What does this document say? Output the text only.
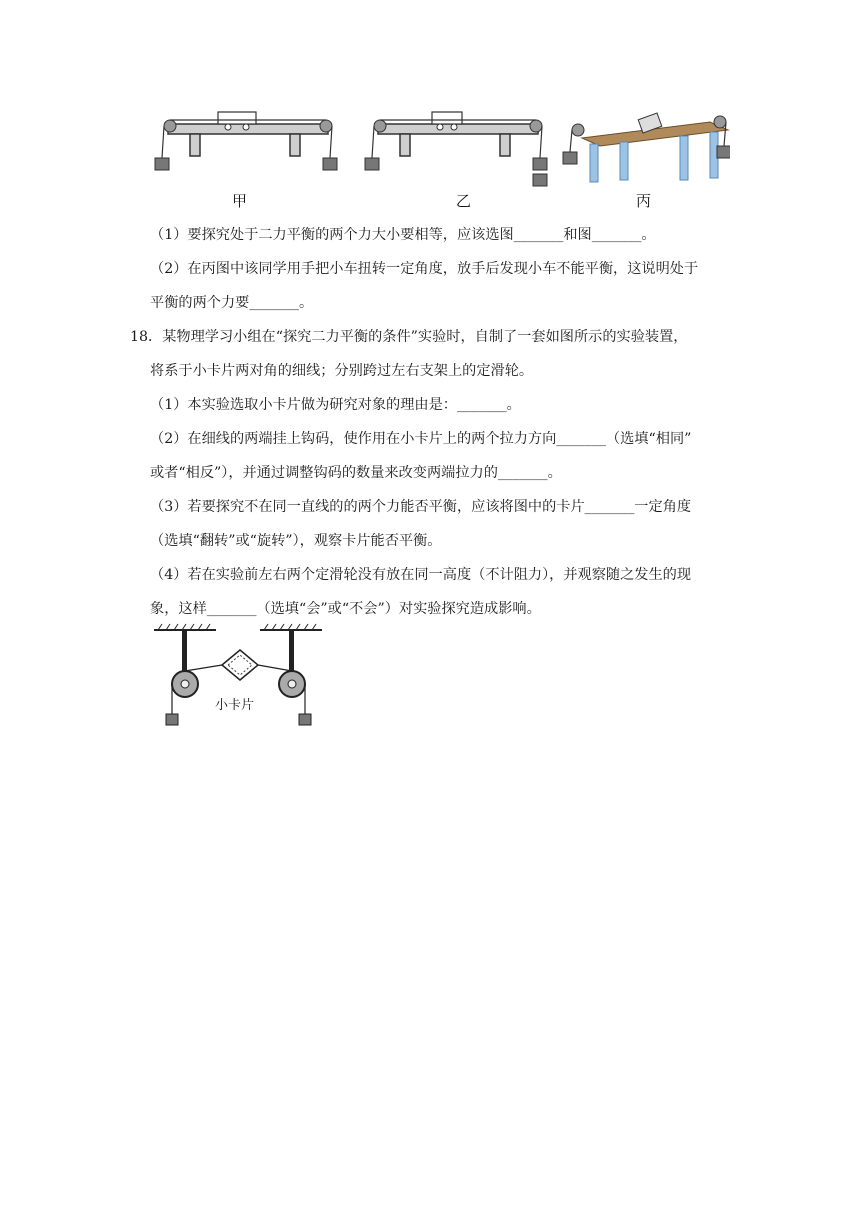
甲	乙	丙
（1）要探究处于二力平衡的两个力大小要相等，应该选图_______和图_______。
（2）在丙图中该同学用手把小车扭转一定角度，放手后发现小车不能平衡，这说明处于
平衡的两个力要_______。
18．某物理学习小组在“探究二力平衡的条件”实验时，自制了一套如图所示的实验装置，
将系于小卡片两对角的细线；分别跨过左右支架上的定滑轮。
（1）本实验选取小卡片做为研究对象的理由是：_______。
（2）在细线的两端挂上钩码，使作用在小卡片上的两个拉力方向_______（选填“相同”
或者“相反”），并通过调整钩码的数量来改变两端拉力的_______。
（3）若要探究不在同一直线的的两个力能否平衡，应该将图中的卡片_______一定角度
（选填“翻转”或“旋转”），观察卡片能否平衡。
（4）若在实验前左右两个定滑轮没有放在同一高度（不计阻力），并观察随之发生的现
象，这样_______（选填“会”或“不会”）对实验探究造成影响。
小卡片
